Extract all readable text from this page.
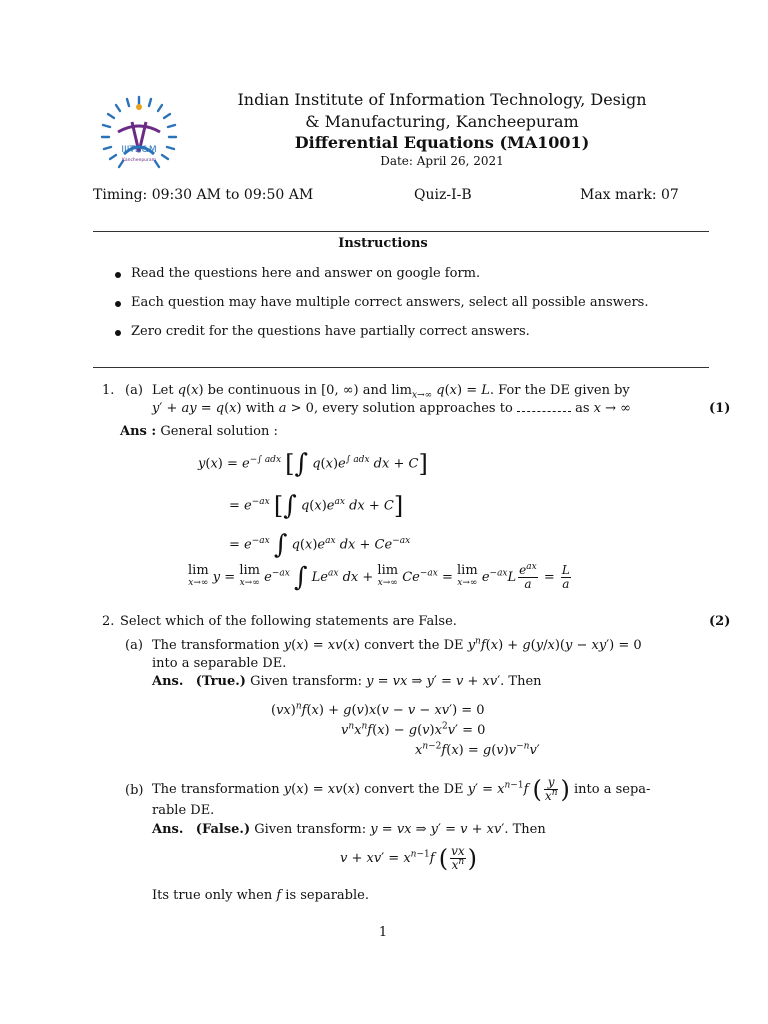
IIITD&M
Kancheepuram
Indian Institute of Information Technology, Design
& Manufacturing, Kancheepuram
Differential Equations (MA1001)
Date: April 26, 2021
Timing: 09:30 AM to 09:50 AM	Quiz-I-B	Max mark: 07
Instructions
Read the questions here and answer on google form.
Each question may have multiple correct answers, select all possible answers.
Zero credit for the questions have partially correct answers.
1. (a) Let q(x) be continuous in [0, ∞) and $\lim_{x\to\infty} q(x) = L$. For the DE given by
y′ + ay = q(x) with a > 0, every solution approaches to	as x → ∞	(1)
Ans : General solution :
$y(x) = e^{-\int adx}$ [∫ $q(x)e^{\int adx}$ dx + C]
= $e^{-ax}$ [∫ $q(x)e^{ax}$ dx + C]
= $e^{-ax}$ ∫ $q(x)e^{ax}$ dx + $Ce^{-ax}$
lim
x→∞ y = lim
x→∞ $e^{-ax}$ ∫ $Le^{ax}$ dx + lim
x→∞ $Ce^{-ax} = \lim$
x→∞ $e^{-ax}L \frac{e^{ax}}{a} = \frac{L}{a}$
2. Select which of the following statements are False.	(2)
(a) The transformation y(x) = xv(x) convert the DE $y^nf(x) + g(y/x)(y - xy') = 0$
into a separable DE.
Ans. (True.) Given transform: y = vx ⇒ y′ = v + xv′. Then
(vx)$^n$f(x) + g(v)x(v − v − xv′) = 0
$v^nx^nf(x) - g(v)x^2v' = 0$
$x^{n-2}f(x) = g(v)v^{-n}v'$
(b) The transformation y(x) = xv(x) convert the DE $y' = x^{n-1}f$ ( $\frac{y}{x^n}$ ) into a sepa-
rable DE.
Ans. (False.) Given transform: y = vx ⇒ y′ = v + xv′. Then
$v + xv' = x^{n-1}f$ ( $\frac{vx}{x^n}$ )
Its true only when f is separable.
1
